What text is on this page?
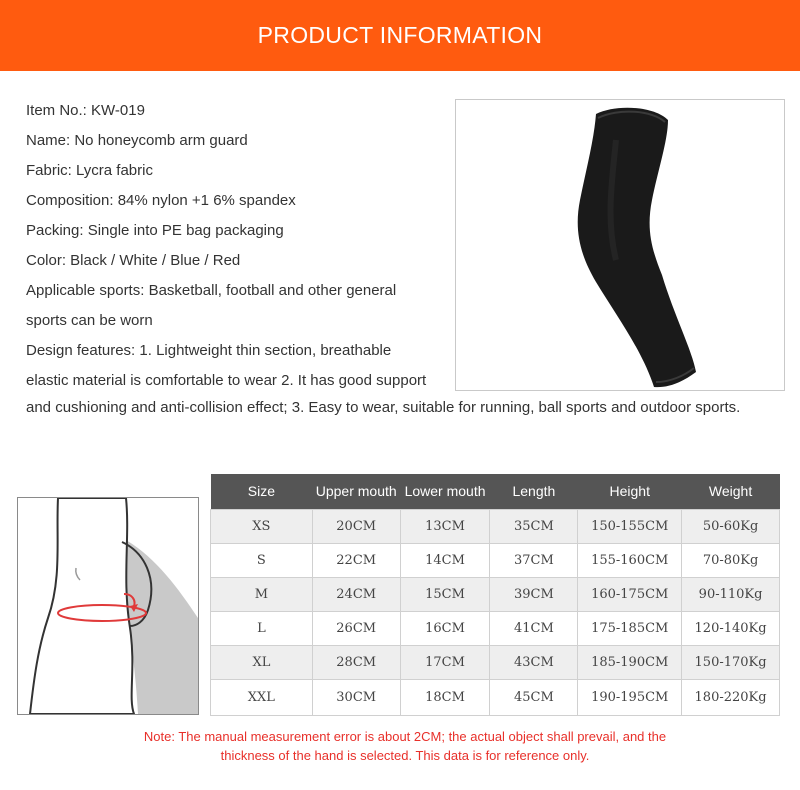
PRODUCT INFORMATION
Item No.: KW-019
Name: No honeycomb arm guard
Fabric: Lycra fabric
Composition: 84% nylon +1 6% spandex
Packing: Single into PE bag packaging
Color: Black / White / Blue / Red
Applicable sports: Basketball, football and other general
sports can be worn
Design features: 1. Lightweight thin section, breathable
elastic material is comfortable to wear 2. It has good support
and cushioning and anti-collision effect; 3. Easy to wear, suitable for running, ball sports and outdoor sports.
Size	Upper mouth	Lower mouth	Length	Height	Weight
XS	20CM	13CM	35CM	150-155CM	50-60Kg
S	22CM	14CM	37CM	155-160CM	70-80Kg
M	24CM	15CM	39CM	160-175CM	90-110Kg
L	26CM	16CM	41CM	175-185CM	120-140Kg
XL	28CM	17CM	43CM	185-190CM	150-170Kg
XXL	30CM	18CM	45CM	190-195CM	180-220Kg
Note: The manual measurement error is about 2CM; the actual object shall prevail, and the
thickness of the hand is selected. This data is for reference only.
